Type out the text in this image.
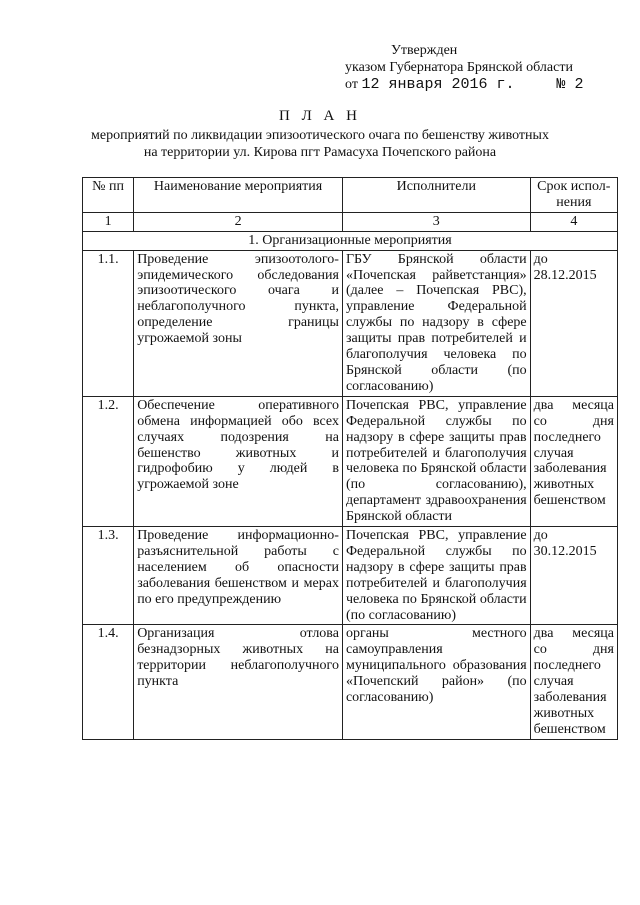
Утвержден
указом Губернатора Брянской области
от
12 января 2016 г.	№ 2
П Л А Н
мероприятий по ликвидации эпизоотического очага по бешенству животных
на территории ул. Кирова пгт Рамасуха Почепского района
№ пп	Наименование мероприятия	Исполнители	Срок испол-нения
1	2	3	4
1. Организационные мероприятия			
1.1.	Проведение эпизоотолого-эпидемического обследования эпизоотического очага и неблагополучного пункта, определение границы угрожаемой зоны	ГБУ Брянской области «Почепская райветстанция» (далее – Почепская РВС), управление Федеральной службы по надзору в сфере защиты прав потребителей и благополучия человека по Брянской области (по согласованию)	до 28.12.2015
1.2.	Обеспечение оперативного обмена информацией обо всех случаях подозрения на бешенство животных и гидрофобию у людей в угрожаемой зоне	Почепская РВС, управление Федеральной службы по надзору в сфере защиты прав потребителей и благополучия человека по Брянской области (по согласованию), департамент здравоохранения Брянской области	два месяца со дня последнего случая заболевания животных бешенством
1.3.	Проведение информационно-разъяснительной работы с населением об опасности заболевания бешенством и мерах по его предупреждению	Почепская РВС, управление Федеральной службы по надзору в сфере защиты прав потребителей и благополучия человека по Брянской области (по согласованию)	до 30.12.2015
1.4.	Организация отлова безнадзорных животных на территории неблагополучного пункта	органы местного самоуправления муниципального образования «Почепский район» (по согласованию)	два месяца со дня последнего случая заболевания животных бешенством
